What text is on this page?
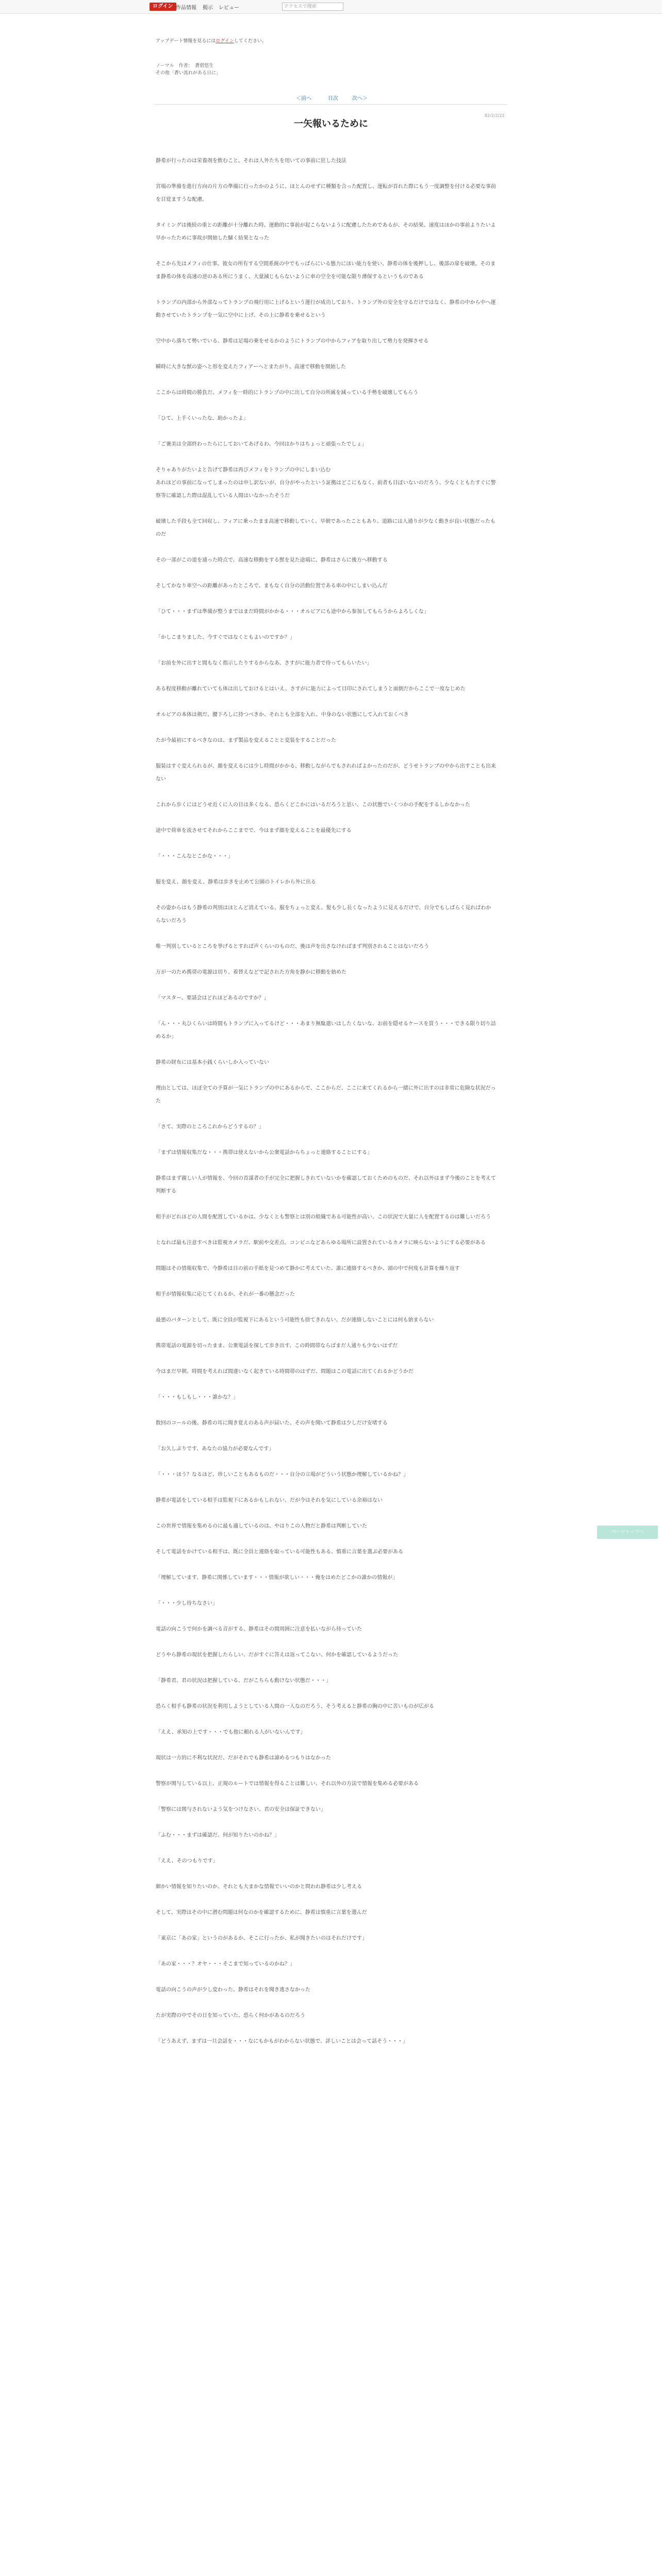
ログイン 作品情報 掲示 レビュー	アクセスで捜索
アップデート情報を見るにはログインしてください。
ノーマル　作者：　蒼碧悠生
その他「蒼い流れがある日に」
＜前へ	目次	次へ＞
82/2/2/22
一矢報いるために

静希が行ったのは栄養剤を飲むこと。それは人外たちを用いての事前に狂した技法

宮場の準備を進行方向の片方の準備に行ったかのように、ほとんのせずに種類を合った配置し、運転が首れた際にもう一度調整を付ける必要な事前を目覚ますうな配慮。

タイミングは後続の重との距離が十分離れた時。運動的に事前が起こらないように配慮したためであるが、その結果、速度はほかの事前よりたいよ早かったために事故が開始した騒く結果となった

そこから先はメフィの仕事。彼女の所有する空間系統の中でもっぱらにいる態力にほい能力を使い、静希の体を後押しし、後部の扉を破壊。そのまま静希の体を高速の逆のある所にうまく、大量減じもらないように車の空全を可能な限り薄保するというものである

トランプの内部から外部なってトランプの飛行用に上げるという運行が成功しており、トランプ外の安全を守るだけではなく、静希の中から中へ運動させていたトランプを一気に空中に上げ、その上に静希を乗せるという

空中から落ちて勢いでいる、静希は足場の乗をせるかのようにトランプの中からフィアを取り出して勢力を発揮させる

瞬時に大きな獣の姿へと形を変えたフィアーへとまたがり、高速で移動を開始した

ここからは時間の勝負だ、メフィを一時的にトランプの中に出して自分の所属を減っている手勢を破壊してもらう

「ひて、上手くいったな、助かったよ」

「ご褒美は全部終わったらにしておいてあげるわ、今回はかりはちょっと頑張ったでしょ」

そりゃありがたいよと告げて静希は再びメフィをトランプの中にしまい込む

あれほどの事前になってしまったのは申し訳ないが、自分がやったという証拠はどこにもなく、前者も目ぼいないのだろう、少なくともたすぐに警察等に確認した際は混乱している人間はいなかったそうだ

破壊した手段も全て回収し、フィアに乗ったまま高速で移動していく、早朝であったこともあり、道路には人通りが少なく動きが良い状態だったものだ

その一部がこの道を通った時点で、高速な移動をする獣を見た途端に、静希はさらに後方へ移動する

そしてかなり車空への距離があったところで、まもなく自分の活動位置である車の中にしまい込んだ

「ひて・・・まずは準備が整うまではまだ時間がかかる・・・オルビアにも途中から参加してもらうからよろしくな」

「かしこまりました、今すぐではなくともよいのですか？」

「お前を外に出すと間もなく指示したりするからなあ、さすがに能力者で待ってもらいたい」

ある程度移動が離れていても体は出しておけるとはいえ、さすがに能力によって目印にされてしまうと面倒だからここで一度なじめた

オルビアの本体は剣だ、腰下ろしに持つべきか、それとも全部を入れ、中身のない状態にして入れておくべき

たが今最初にするべきなのは、まず製品を変えることと変装をすることだった

服装はすぐ変えられるが、顔を変えるには少し時間がかかる、移動しながらでもされればよかったのだが、どうせトランプの中から出すことも出来ない

これから歩くにはどうせ近くに人の目は多くなる、恐らくどこかにはいるだろうと思い、この状態でいくつかの手配をするしかなかった

途中で荷車を流させてそれからここまでで、今はまず顔を変えることを最優先にする

「・・・こんなとこかな・・・」

服を変え、顔を変え、静希は歩きを止めて公園のトイレから外に出る

その姿からはもう静希の判別はほとんど消えている、服をちょっと変え、髪も少し長くなったように見えるだけで、自分でもしばらく見ればわからないだろう

唯一判別しているところを挙げるとすれば声くらいのものだ、後は声を出さなければまず判別されることはないだろう

万が一のため携帯の電源は切り、着替えなどで記された方角を静かに移動を始めた

「マスター、要請会はどれほどあるのですか？」

「ん・・・丸ひくらいは時間もトランプに入ってるけど・・・あまり無駄遣いはしたくないな、お前を隠せるケースを買う・・・できる限り切り詰めるか」

静希の財布には基本小銭くらいしか入っていない

理由としては、ほぼ全ての予算が一気にトランプの中にあるからで、ここからだ、ここに来てくれるから一緒に外に出すのは非常に危険な状況だった

「さて、実際のところこれからどうするの？」

「まずは情報収集だな・・・携帯は使えないから公衆電話からちょっと連絡することにする」

静希はまず親しい人が情報を、今回の首謀者の手が完全に把握しきれていないかを確認しておくためのものだ、それ以外はまず今後のことを考えて判断する

相手がどれほどの人間を配置しているかは、少なくとも警察とは別の組織である可能性が高い、この状況で大量に人を配置するのは難しいだろう

となれば最も注意すべきは監視カメラだ、駅前や交差点、コンビニなどあらゆる場所に設置されているカメラに映らないようにする必要がある

問題はその情報収集で、今静希は目の前の手紙を見つめて静かに考えていた、誰に連絡するべきか、頭の中で何度も計算を繰り返す

相手が情報収集に応じてくれるか、それが一番の懸念だった

最悪のパターンとして、既に全員が監視下にあるという可能性も捨てきれない、だが連絡しないことには何も始まらない

携帯電話の電源を切ったまま、公衆電話を探して歩き出す、この時間帯ならばまだ人通りも少ないはずだ

今はまだ早朝、時間を考えれば間違いなく起きている時間帯のはずだ、問題はこの電話に出てくれるかどうかだ

「・・・もしもし・・・誰かな？」

数回のコールの後、静希の耳に聞き覚えのある声が届いた、その声を聞いて静希は少しだけ安堵する

「お久しぶりです、あなたの協力が必要なんです」

「・・・ほう？なるほど、珍しいこともあるものだ・・・自分の立場がどういう状態か理解しているかね？」

静希が電話をしている相手は監視下にあるかもしれない、だが今はそれを気にしている余裕はない

この世界で情報を集めるのに最も適しているのは、やはりこの人物だと静希は判断していた

そして電話をかけている相手は、既に全員と連絡を取っている可能性もある、慎重に言葉を選ぶ必要がある

「理解しています、静希に関係しています・・・情報が欲しい・・・俺をはめたどこかの誰かの情報が」

「・・・少し待ちなさい」

電話の向こうで何かを調べる音がする、静希はその間周囲に注意を払いながら待っていた

どうやら静希の現状を把握したらしい、だがすぐに答えは返ってこない、何かを確認しているようだった

「静希君、君の状況は把握している、だがこちらも動けない状態だ・・・」

恐らく相手も静希の状況を利用しようとしている人間の一人なのだろう、そう考えると静希の胸の中に苦いものが広がる

「ええ、承知の上です・・・でも他に頼れる人がいないんです」

現状は一方的に不利な状況だ、だがそれでも静希は諦めるつもりはなかった

警察が関与している以上、正規のルートでは情報を得ることは難しい、それ以外の方法で情報を集める必要がある

「警察には関与されないよう気をつけなさい、君の安全は保証できない」

「ふむ・・・まずは確認だ、何が知りたいのかね？」

「ええ、そのつもりです」

細かい情報を知りたいのか、それとも大まかな情報でいいのかと問われ静希は少し考える

そして、実際はその中に潜む問題は何なのかを確認するために、静希は慎重に言葉を選んだ

「東京に「あの家」というのがあるか、そこに行ったか、私が聞きたいのはそれだけです」

「あの家・・・？オヤ・・・そこまで知っているのかね？」

電話の向こうの声が少し変わった、静希はそれを聞き逃さなかった

たが実際の中でその日を知っていた、恐らく何かがあるのだろう

「どうあえず、まずは一旦会話を・・・なにもかもがわからない状態で、詳しいことは会って話そう・・・」

ページトップへ
